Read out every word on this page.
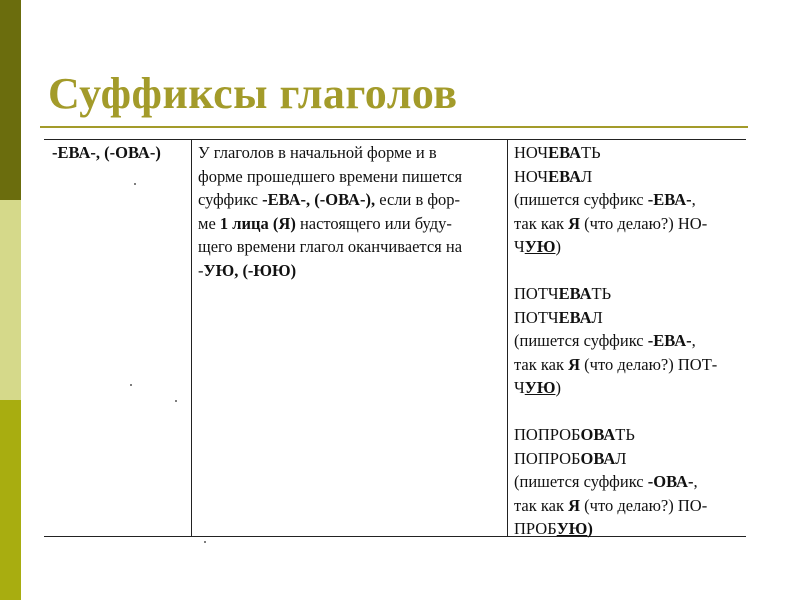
Суффиксы глаголов
-ЕВА-, (-ОВА-)	У глаголов в начальной форме и в
форме прошедшего времени пишется
суффикс -ЕВА-, (-ОВА-), если в фор-
ме 1 лица (Я) настоящего или буду-
щего времени глагол оканчивается на
-УЮ, (-ЮЮ)
НОЧЕВАТЬ
НОЧЕВАЛ
(пишется суффикс -ЕВА-,
так как Я (что делаю?) НО-
ЧУЮ)
ПОТЧЕВАТЬ
ПОТЧЕВАЛ
(пишется суффикс -ЕВА-,
так как Я (что делаю?) ПОТ-
ЧУЮ)
ПОПРОБОВАТЬ
ПОПРОБОВАЛ
(пишется суффикс -ОВА-,
так как Я (что делаю?) ПО-
ПРОБУЮ)
